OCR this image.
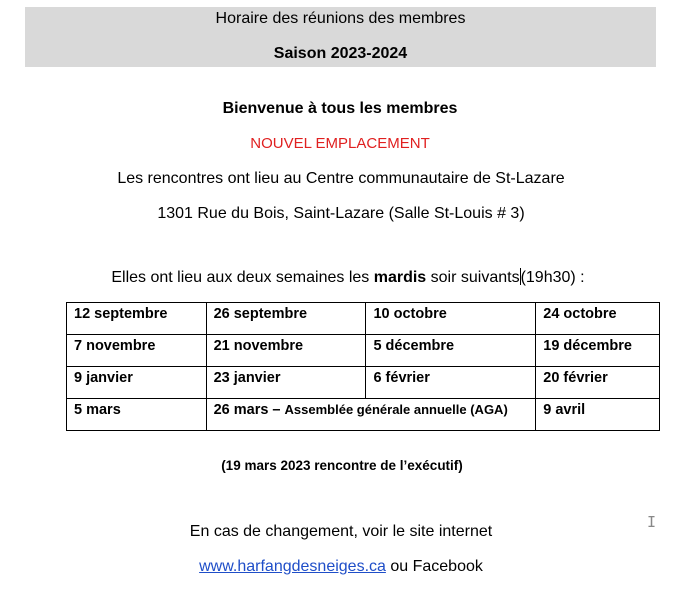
Horaire des réunions des membres
Saison 2023-2024
Bienvenue à tous les membres
NOUVEL EMPLACEMENT
Les rencontres ont lieu au Centre communautaire de St-Lazare
1301 Rue du Bois, Saint-Lazare (Salle St-Louis # 3)
Elles ont lieu aux deux semaines les mardis soir suivants(19h30) :
12 septembre	26 septembre	10 octobre	24 octobre
7 novembre	21 novembre	5 décembre	19 décembre
9 janvier	23 janvier	6 février	20 février
5 mars	26 mars – Assemblée générale annuelle (AGA)		9 avril
(19 mars 2023 rencontre de l’exécutif)
En cas de changement, voir le site internet
www.harfangdesneiges.ca ou Facebook
I
